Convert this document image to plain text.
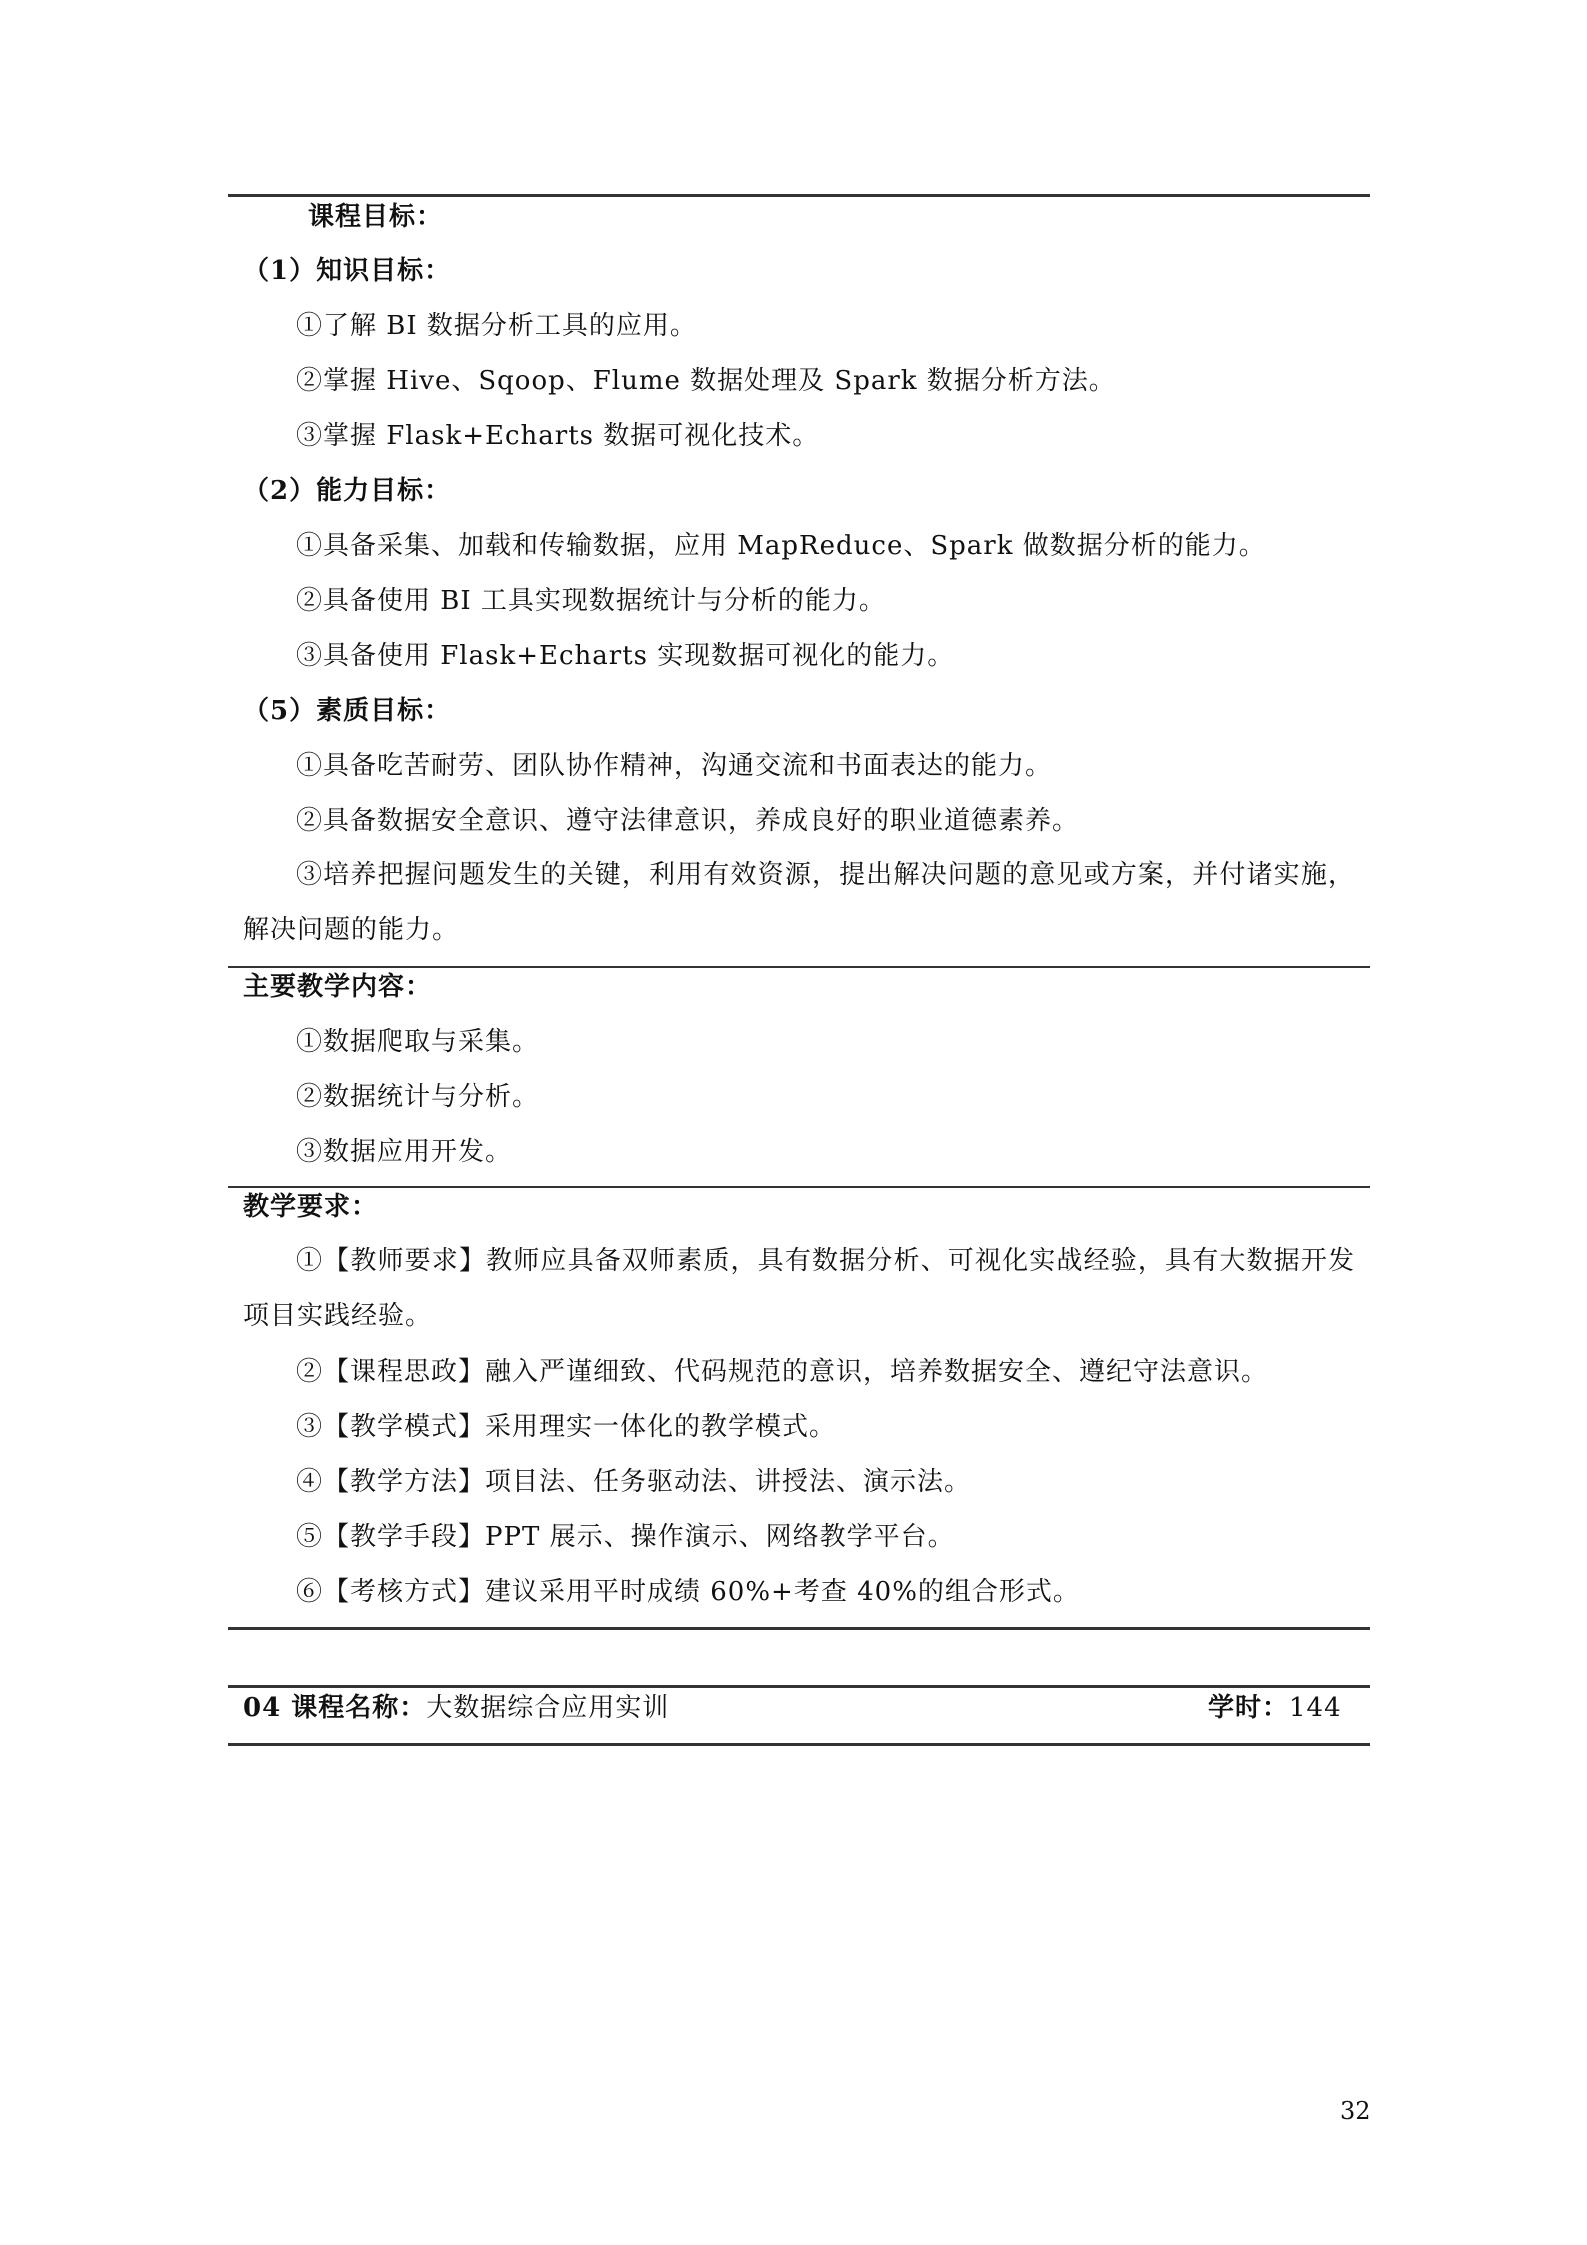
课程目标：
（1）知识目标：
①了解 BI 数据分析工具的应用。
②掌握 Hive、Sqoop、Flume 数据处理及 Spark 数据分析方法。
③掌握 Flask+Echarts 数据可视化技术。
（2）能力目标：
①具备采集、加载和传输数据，应用 MapReduce、Spark 做数据分析的能力。
②具备使用 BI 工具实现数据统计与分析的能力。
③具备使用 Flask+Echarts 实现数据可视化的能力。
（5）素质目标：
①具备吃苦耐劳、团队协作精神，沟通交流和书面表达的能力。
②具备数据安全意识、遵守法律意识，养成良好的职业道德素养。
③培养把握问题发生的关键，利用有效资源，提出解决问题的意见或方案，并付诸实施，解决问题的能力。
主要教学内容：
①数据爬取与采集。
②数据统计与分析。
③数据应用开发。
教学要求：
①【教师要求】教师应具备双师素质，具有数据分析、可视化实战经验，具有大数据开发项目实践经验。
②【课程思政】融入严谨细致、代码规范的意识，培养数据安全、遵纪守法意识。
③【教学模式】采用理实一体化的教学模式。
④【教学方法】项目法、任务驱动法、讲授法、演示法。
⑤【教学手段】PPT 展示、操作演示、网络教学平台。
⑥【考核方式】建议采用平时成绩 60%+考查 40%的组合形式。
04 课程名称：大数据综合应用实训	学时：144
32
